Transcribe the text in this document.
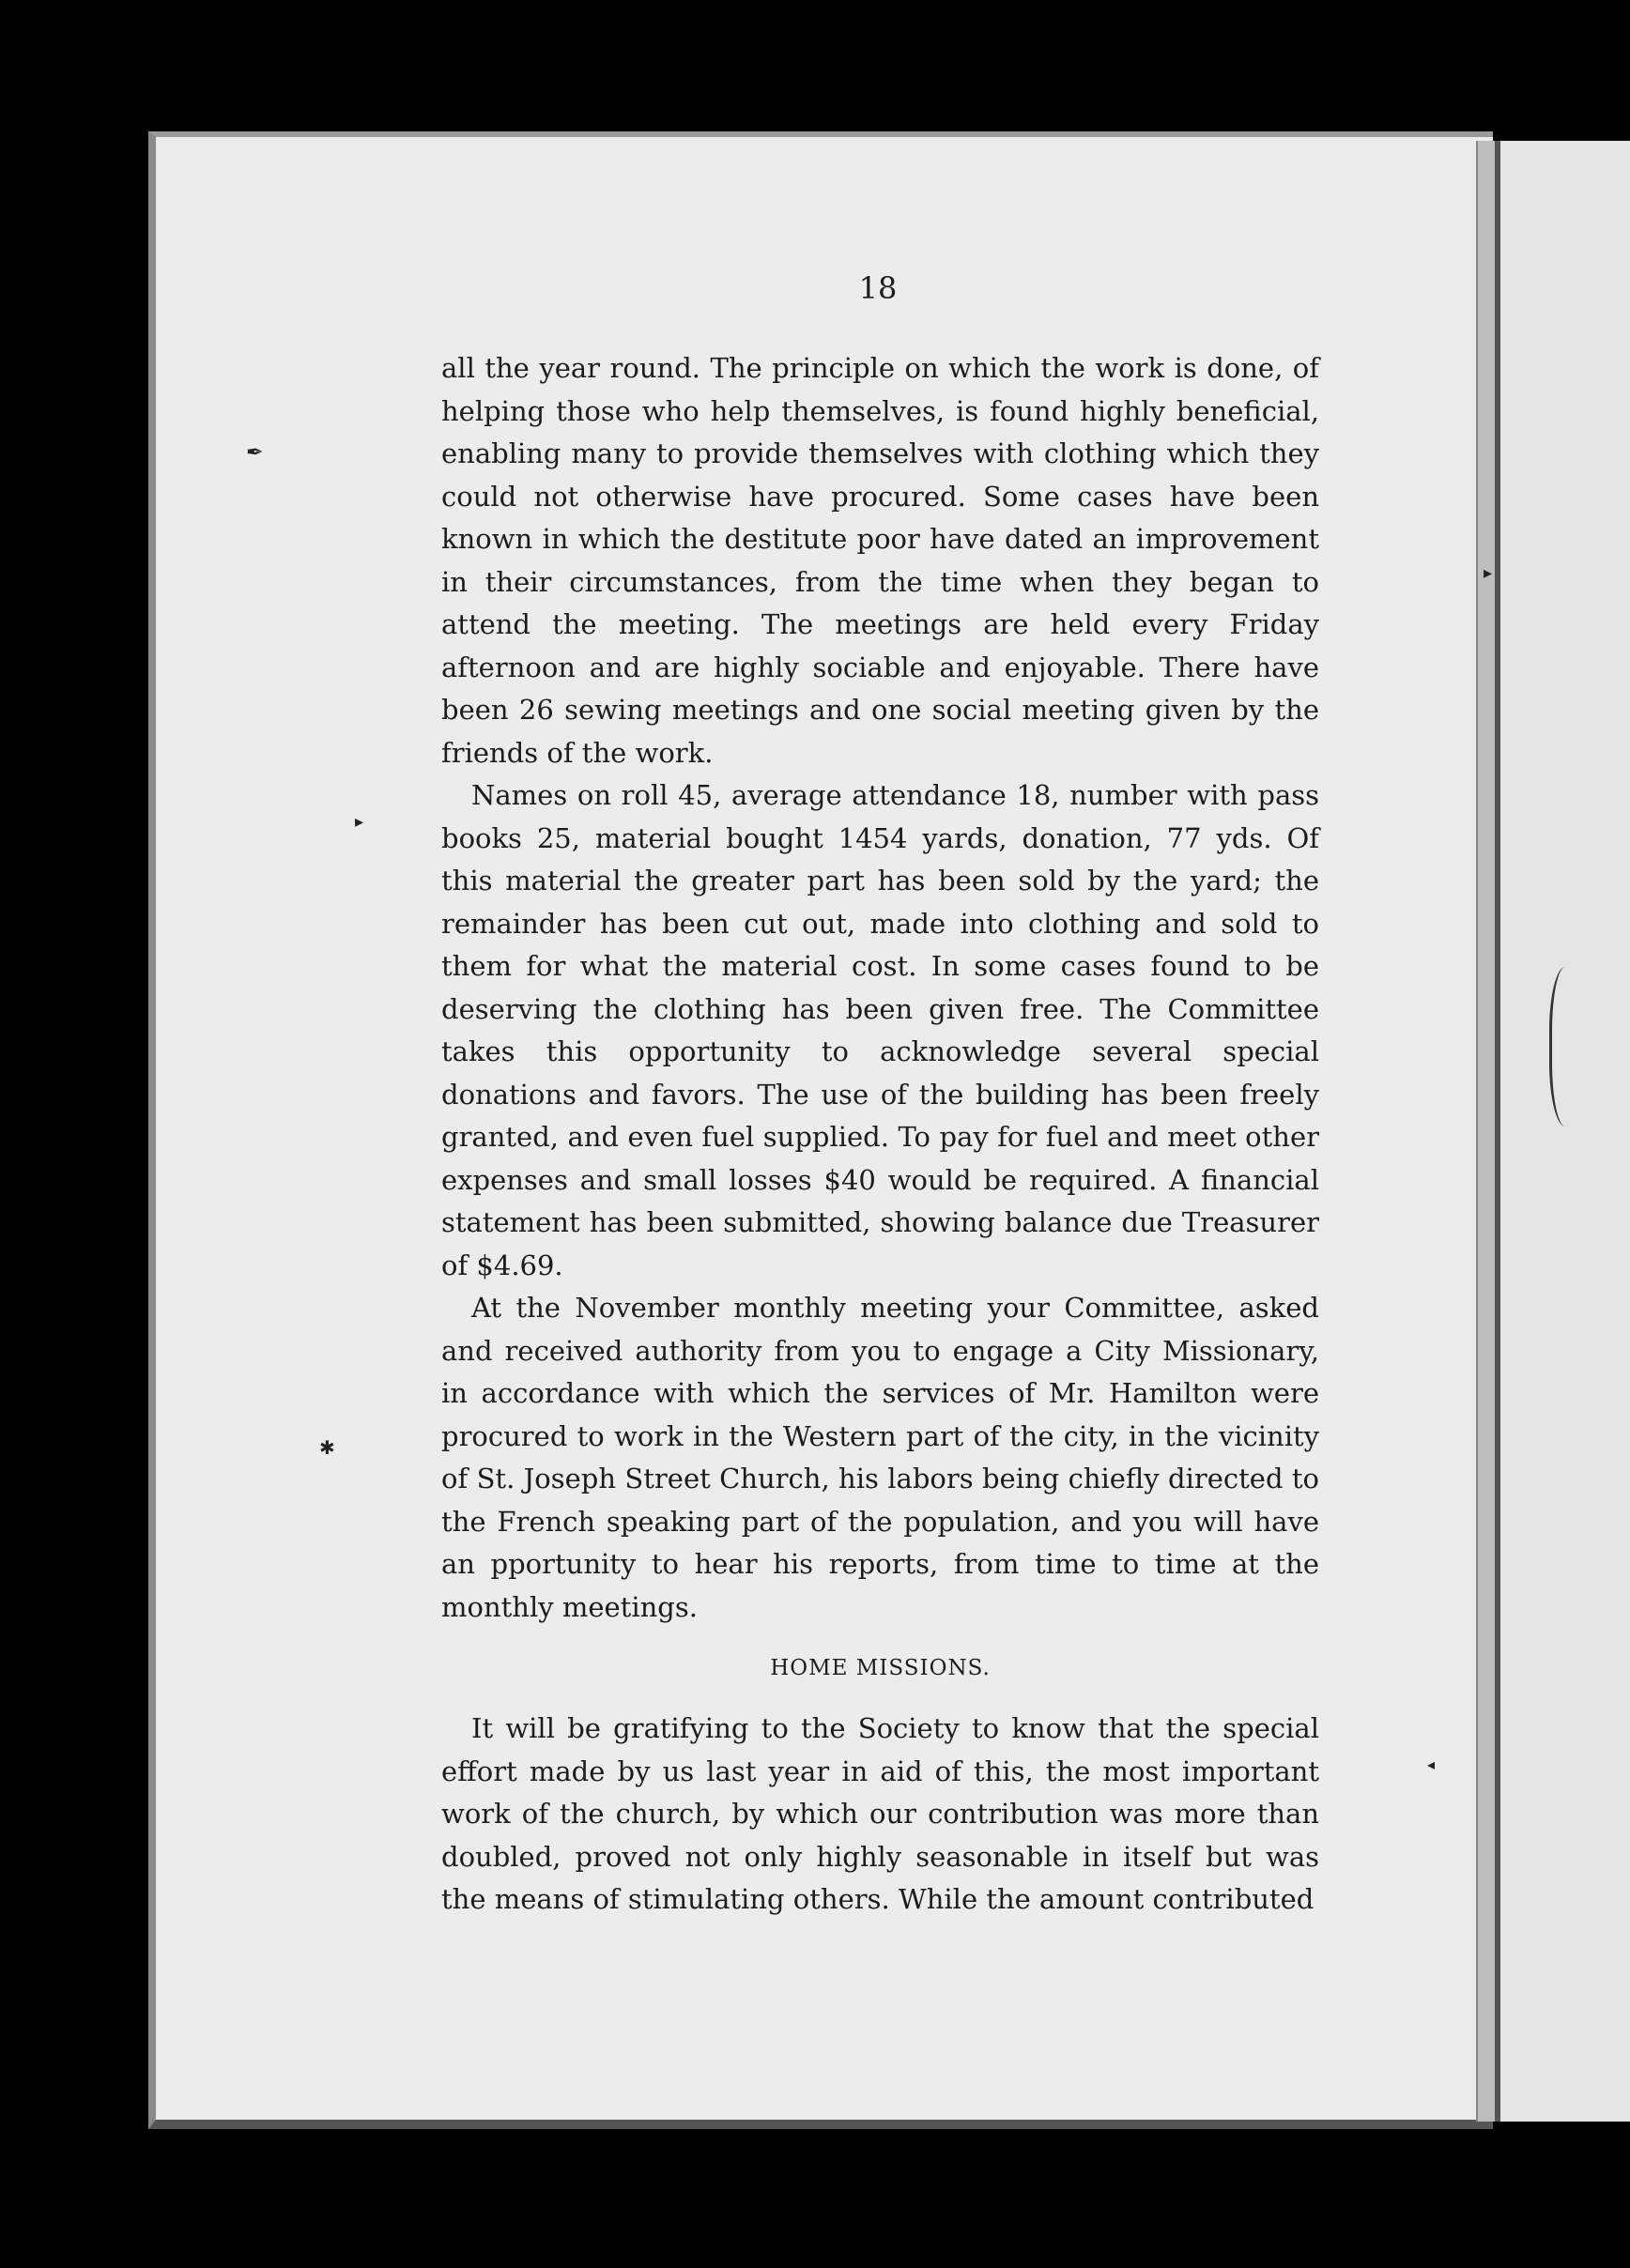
18

all the year round. The principle on which the work is done, of helping those who help themselves, is found highly beneficial, enabling many to provide themselves with clothing which they could not otherwise have procured. Some cases have been known in which the destitute poor have dated an improvement in their circumstances, from the time when they began to attend the meeting. The meetings are held every Friday afternoon and are highly sociable and enjoyable. There have been 26 sewing meetings and one social meeting given by the friends of the work.

Names on roll 45, average attendance 18, number with pass books 25, material bought 1454 yards, donation, 77 yds. Of this material the greater part has been sold by the yard; the remainder has been cut out, made into clothing and sold to them for what the material cost. In some cases found to be deserving the clothing has been given free. The Committee takes this opportunity to acknowledge several special donations and favors. The use of the building has been freely granted, and even fuel supplied. To pay for fuel and meet other expenses and small losses $40 would be required. A financial statement has been submitted, showing balance due Treasurer of $4.69.

At the November monthly meeting your Committee, asked and received authority from you to engage a City Missionary, in accordance with which the services of Mr. Hamilton were procured to work in the Western part of the city, in the vicinity of St. Joseph Street Church, his labors being chiefly directed to the French speaking part of the population, and you will have an pportunity to hear his reports, from time to time at the monthly meetings.

HOME MISSIONS.

It will be gratifying to the Society to know that the special effort made by us last year in aid of this, the most important work of the church, by which our contribution was more than doubled, proved not only highly seasonable in itself but was the means of stimulating others. While the amount contributed

✒
▸
✱
▸
◂
